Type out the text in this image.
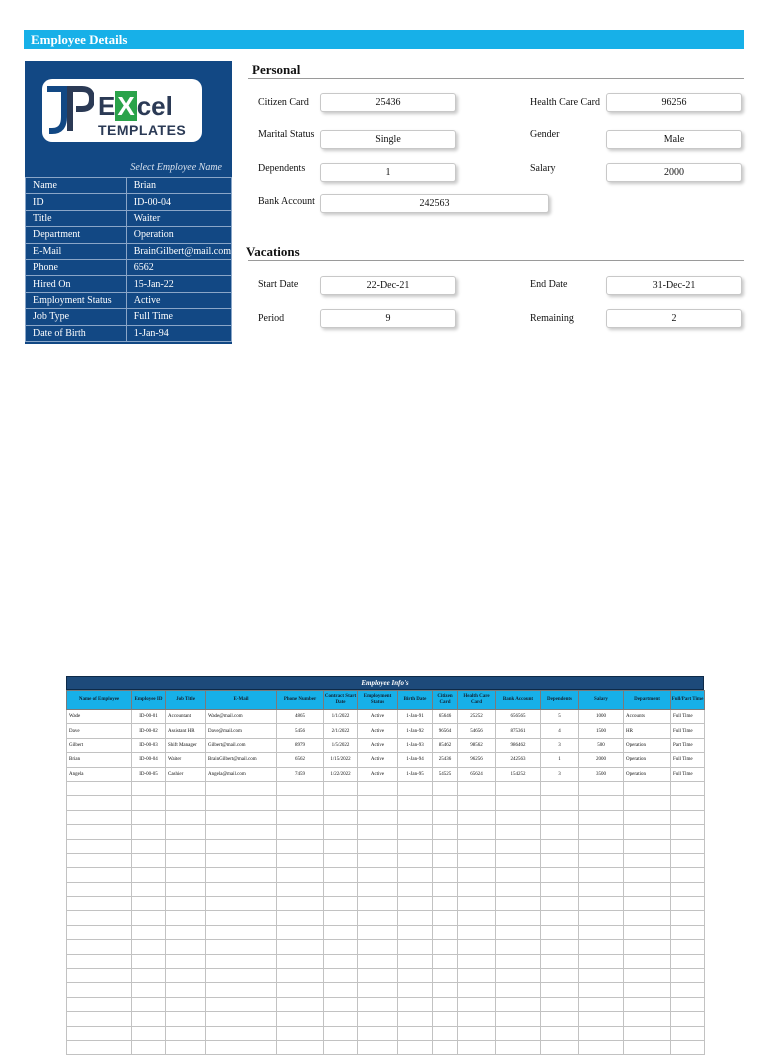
Employee Details
EXcel
TEMPLATES
Select Employee Name
Name	Brian
ID	ID-00-04
Title	Waiter
Department	Operation
E-Mail	BrainGilbert@mail.com
Phone	6562
Hired On	15-Jan-22
Employment Status	Active
Job Type	Full Time
Date of Birth	1-Jan-94
Personal
Citizen Card	25436	Health Care Card	96256
Marital Status	Single	Gender	Male
Dependents	1	Salary	2000
Bank Account	242563
Vacations
Start Date	22-Dec-21	End Date	31-Dec-21
Period	9	Remaining	2
Employee Info's
Name of Employee	Employee ID	Job Title	E-Mail	Phone Number	Contract Start Date	Employment Status	Birth Date	Citizen Card	Health Care Card	Bank Account	Dependents	Salary	Department	Full/Part Time
Wade	ID-00-01	Accountant	Wade@mail.com	4865	1/1/2022	Active	1-Jan-91	65646	25252	656565	5	1000	Accounts	Full Time
Dave	ID-00-02	Assistant HR	Dave@mail.com	5456	2/1/2022	Active	1-Jan-92	96564	54656	875361	4	1500	HR	Full Time
Gilbert	ID-00-03	Shift Manager	Gilbert@mail.com	8979	1/5/2022	Active	1-Jan-93	85462	98562	986462	3	500	Operation	Part Time
Brian	ID-00-04	Waiter	BrainGilbert@mail.com	6562	1/15/2022	Active	1-Jan-94	25436	96256	242563	1	2000	Operation	Full Time
Angela	ID-00-05	Cashier	Angela@mail.com	7459	1/22/2022	Active	1-Jan-95	54525	65624	154252	3	3500	Operation	Full Time
